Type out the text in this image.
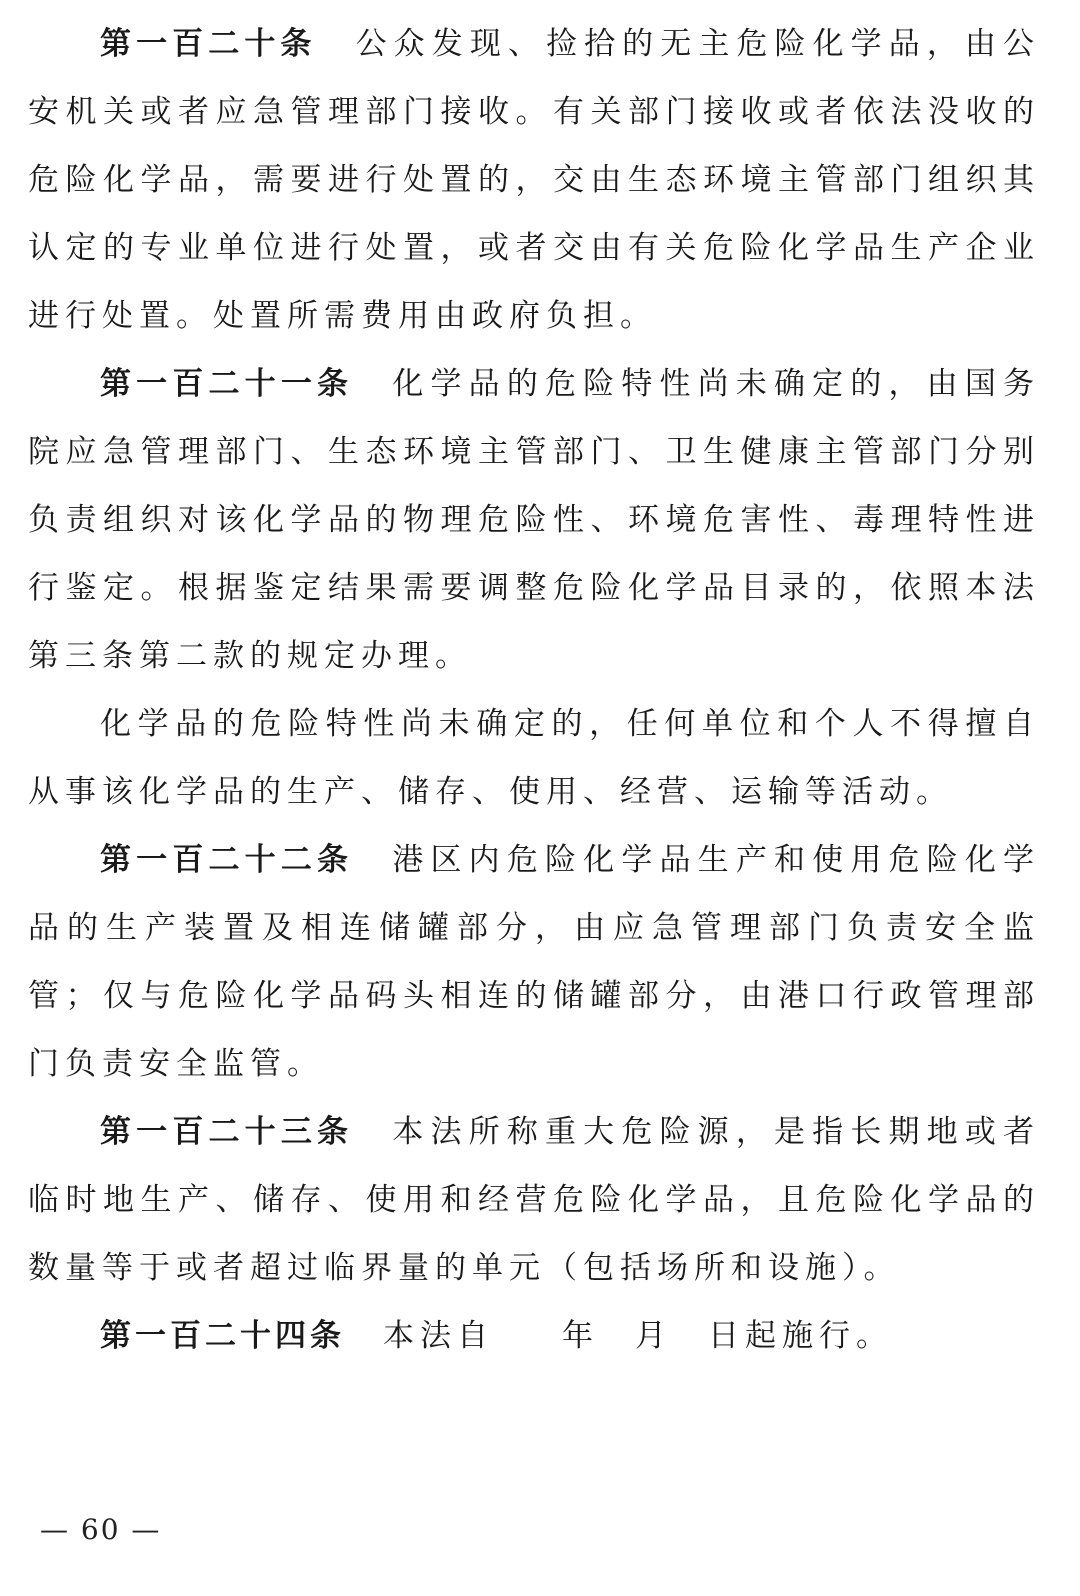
第一百二十条 公众发现、捡拾的无主危险化学品，由公安机关或者应急管理部门接收。有关部门接收或者依法没收的危险化学品，需要进行处置的，交由生态环境主管部门组织其认定的专业单位进行处置，或者交由有关危险化学品生产企业进行处置。处置所需费用由政府负担。

第一百二十一条 化学品的危险特性尚未确定的，由国务院应急管理部门、生态环境主管部门、卫生健康主管部门分别负责组织对该化学品的物理危险性、环境危害性、毒理特性进行鉴定。根据鉴定结果需要调整危险化学品目录的，依照本法第三条第二款的规定办理。

化学品的危险特性尚未确定的，任何单位和个人不得擅自从事该化学品的生产、储存、使用、经营、运输等活动。

第一百二十二条 港区内危险化学品生产和使用危险化学品的生产装置及相连储罐部分，由应急管理部门负责安全监管；仅与危险化学品码头相连的储罐部分，由港口行政管理部门负责安全监管。

第一百二十三条 本法所称重大危险源，是指长期地或者临时地生产、储存、使用和经营危险化学品，且危险化学品的数量等于或者超过临界量的单元（包括场所和设施）。

第一百二十四条 本法自 年 月 日起施行。

— 60 —
